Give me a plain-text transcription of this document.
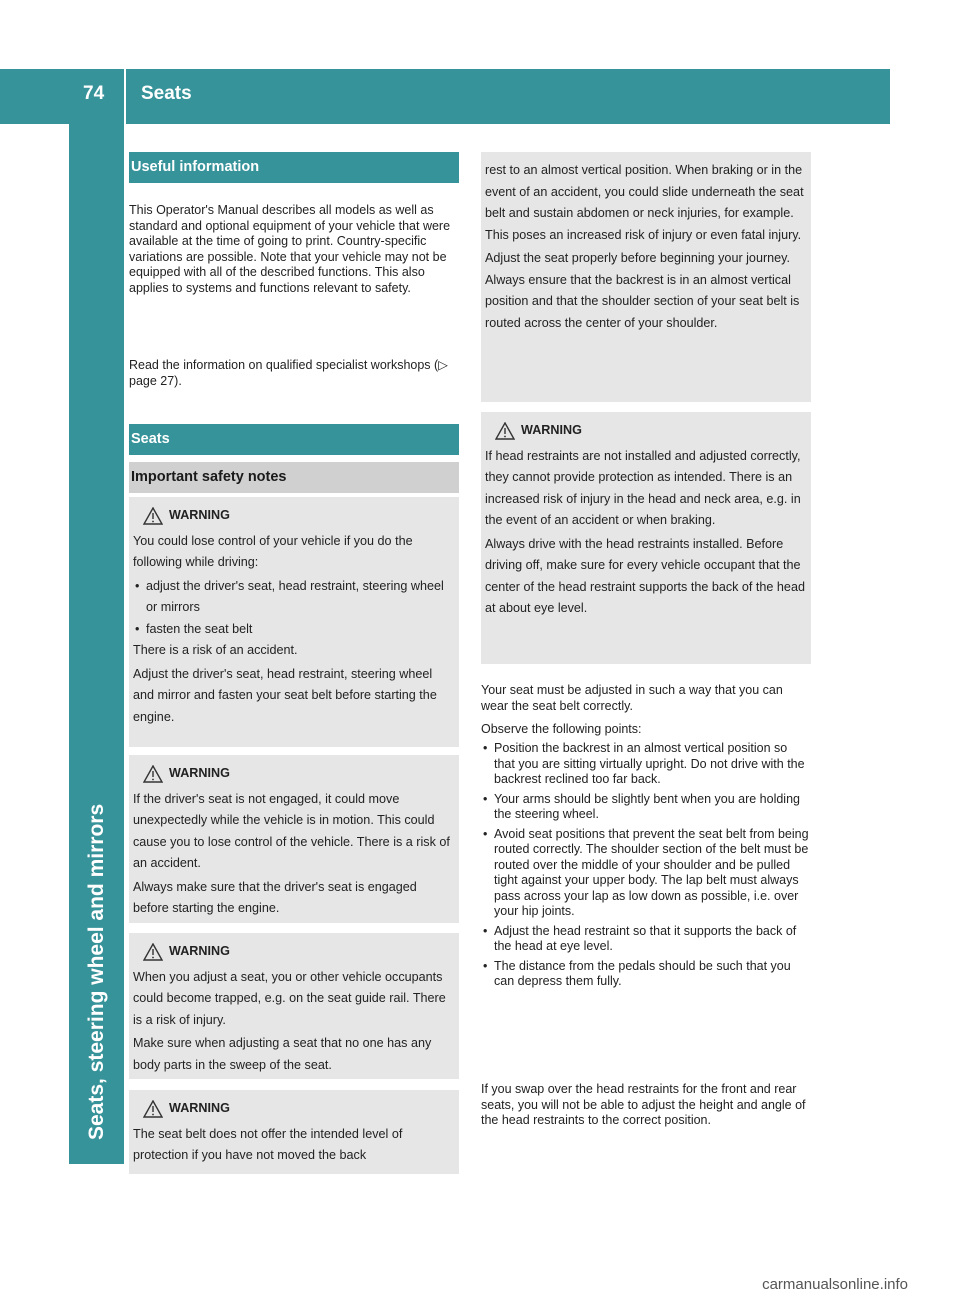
74 Seats
Seats, steering wheel and mirrors
Useful information
This Operator's Manual describes all models as well as standard and optional equipment of your vehicle that were available at the time of going to print. Country-specific variations are possible. Note that your vehicle may not be equipped with all of the described functions. This also applies to systems and functions relevant to safety.
Read the information on qualified specialist workshops (▷ page 27).
Seats
Important safety notes
WARNING

You could lose control of your vehicle if you do the following while driving:

• adjust the driver's seat, head restraint, steering wheel or mirrors
• fasten the seat belt

There is a risk of an accident.

Adjust the driver's seat, head restraint, steering wheel and mirror and fasten your seat belt before starting the engine.

WARNING

If the driver's seat is not engaged, it could move unexpectedly while the vehicle is in motion. This could cause you to lose control of the vehicle. There is a risk of an accident.

Always make sure that the driver's seat is engaged before starting the engine.

WARNING

When you adjust a seat, you or other vehicle occupants could become trapped, e.g. on the seat guide rail. There is a risk of injury.

Make sure when adjusting a seat that no one has any body parts in the sweep of the seat.

WARNING

The seat belt does not offer the intended level of protection if you have not moved the back

rest to an almost vertical position. When braking or in the event of an accident, you could slide underneath the seat belt and sustain abdomen or neck injuries, for example. This poses an increased risk of injury or even fatal injury.

Adjust the seat properly before beginning your journey. Always ensure that the backrest is in an almost vertical position and that the shoulder section of your seat belt is routed across the center of your shoulder.

WARNING

If head restraints are not installed and adjusted correctly, they cannot provide protection as intended. There is an increased risk of injury in the head and neck area, e.g. in the event of an accident or when braking.

Always drive with the head restraints installed. Before driving off, make sure for every vehicle occupant that the center of the head restraint supports the back of the head at about eye level.

Your seat must be adjusted in such a way that you can wear the seat belt correctly.
Observe the following points:
• Position the backrest in an almost vertical position so that you are sitting virtually upright. Do not drive with the backrest reclined too far back.
• Your arms should be slightly bent when you are holding the steering wheel.
• Avoid seat positions that prevent the seat belt from being routed correctly. The shoulder section of the belt must be routed over the middle of your shoulder and be pulled tight against your upper body. The lap belt must always pass across your lap as low down as possible, i.e. over your hip joints.
• Adjust the head restraint so that it supports the back of the head at eye level.
• The distance from the pedals should be such that you can depress them fully.
If you swap over the head restraints for the front and rear seats, you will not be able to adjust the height and angle of the head restraints to the correct position.
carmanualsonline.info
